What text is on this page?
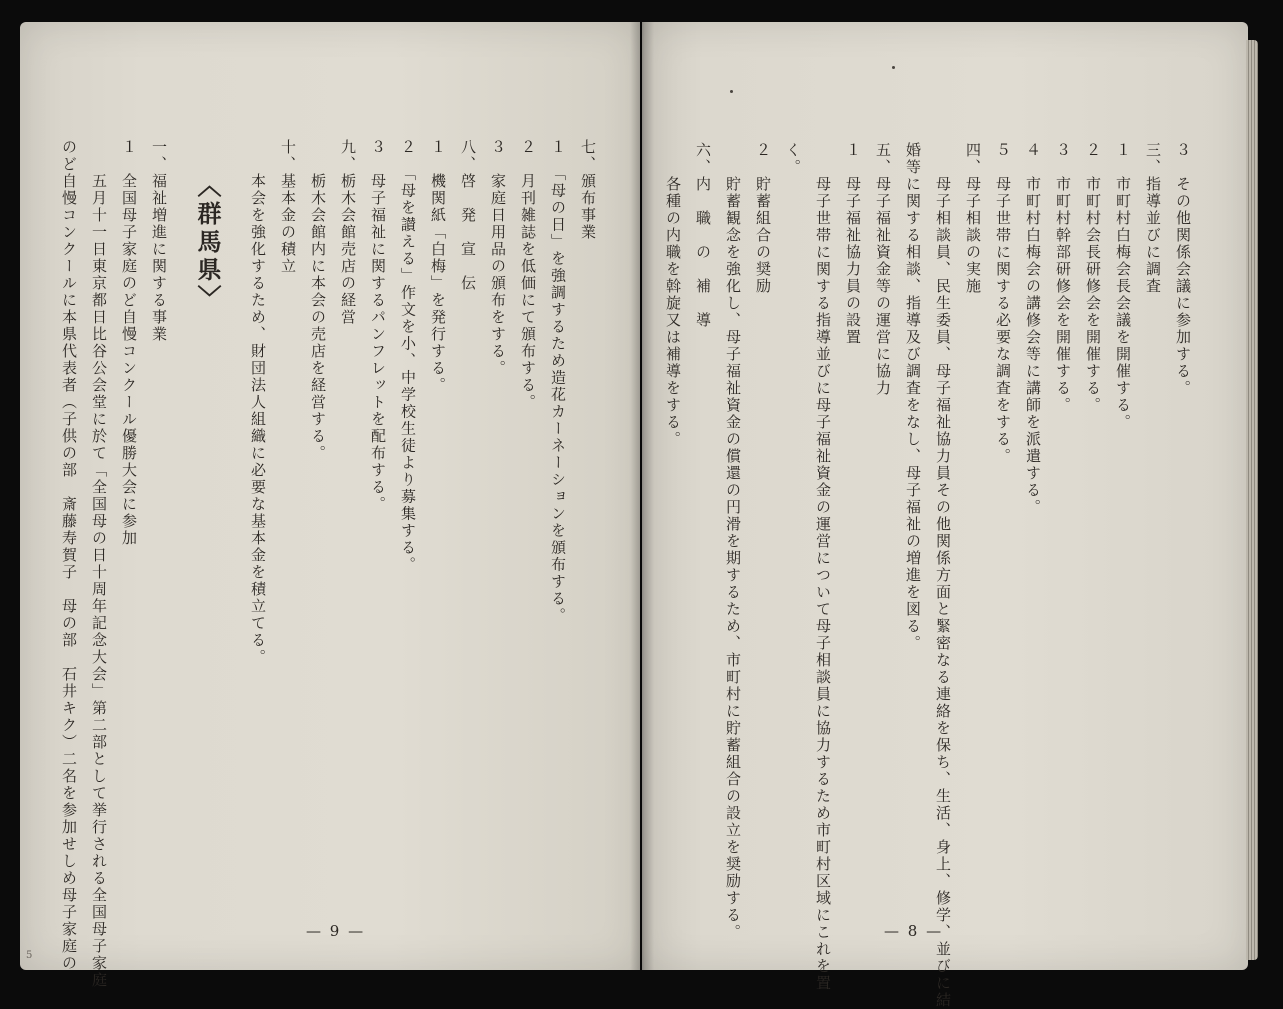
七、頒布事業
１　「母の日」を強調するため造花カーネーションを頒布する。
２　月刊雑誌を低価にて頒布する。
３　家庭日用品の頒布をする。
八、啓　発　宣　伝
１　機関紙「白梅」を発行する。
２　「母を讃える」作文を小、中学校生徒より募集する。
３　母子福祉に関するパンフレットを配布する。
九、栃木会館売店の経営
　　栃木会館内に本会の売店を経営する。
十、基本金の積立
　　本会を強化するため、財団法人組織に必要な基本金を積立てる。
〈群馬県〉
一、福祉増進に関する事業
１　全国母子家庭のど自慢コンクール優勝大会に参加
　　五月十一日東京都日比谷公会堂に於て「全国母の日十周年記念大会」第二部として挙行される全国母子家庭
のど自慢コンクールに本県代表者（子供の部　斎藤寿賀子　母の部　石井キク）二名を参加せしめ母子家庭の	— 9 —
３　その他関係会議に参加する。
三、指導並びに調査
１　市町村白梅会長会議を開催する。
２　市町村会長研修会を開催する。
３　市町村幹部研修会を開催する。
４　市町村白梅会の講修会等に講師を派遣する。
５　母子世帯に関する必要な調査をする。
四、母子相談の実施
　　母子相談員、民生委員、母子福祉協力員その他関係方面と緊密なる連絡を保ち、生活、身上、修学、並びに結
婚等に関する相談、指導及び調査をなし、母子福祉の増進を図る。
五、母子福祉資金等の運営に協力
１　母子福祉協力員の設置
　　母子世帯に関する指導並びに母子福祉資金の運営について母子相談員に協力するため市町村区域にこれを置
く。
２　貯蓄組合の奨励
　　貯蓄観念を強化し、母子福祉資金の償還の円滑を期するため、市町村に貯蓄組合の設立を奨励する。
六、内　職　の　補　導
　　各種の内職を斡旋又は補導をする。
— 8 —
5
